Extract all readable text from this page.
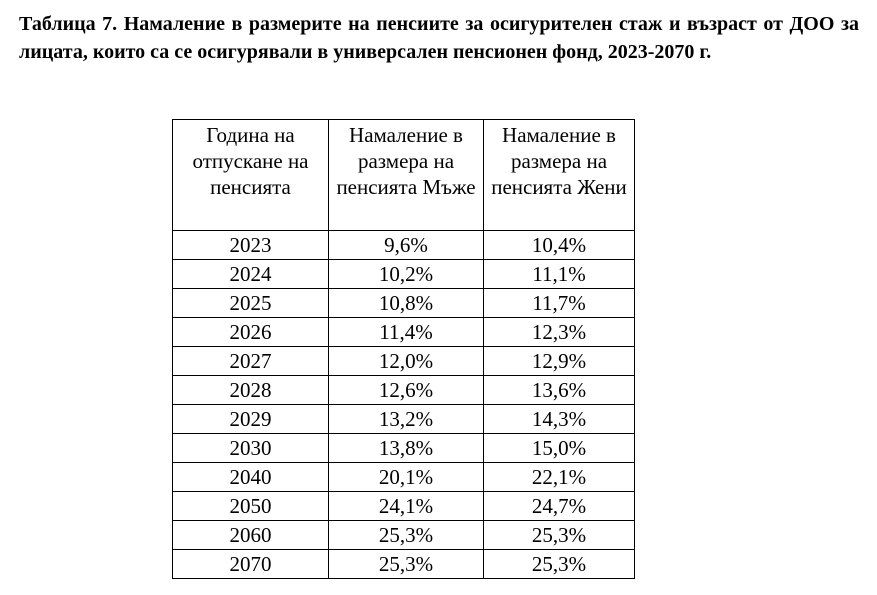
Таблица 7. Намаление в размерите на пенсиите за осигурителен стаж и възраст от ДОО за лицата, които са се осигурявали в универсален пенсионен фонд, 2023-2070 г.

Година на отпускане на пенсията	Намаление в размера на пенсията Мъже	Намаление в размера на пенсията Жени
2023	9,6%	10,4%
2024	10,2%	11,1%
2025	10,8%	11,7%
2026	11,4%	12,3%
2027	12,0%	12,9%
2028	12,6%	13,6%
2029	13,2%	14,3%
2030	13,8%	15,0%
2040	20,1%	22,1%
2050	24,1%	24,7%
2060	25,3%	25,3%
2070	25,3%	25,3%
